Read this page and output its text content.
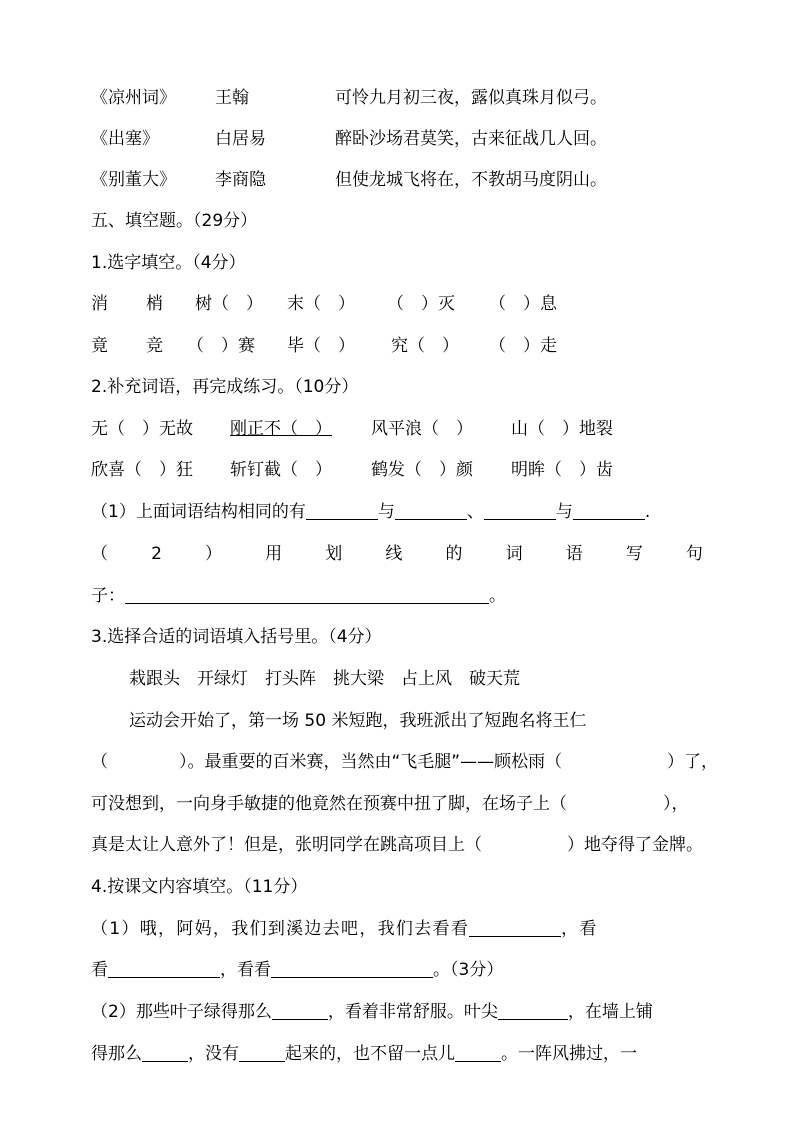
《凉州词》 王翰	可怜九月初三夜，露似真珠月似弓。
《出塞》	白居易	醉卧沙场君莫笑，古来征战几人回。
《别董大》 李商隐	但使龙城飞将在，不教胡马度阴山。
五、填空题。（29分）
1.选字填空。（4分）
消 梢 树（　） 末（　） （　）灭 （　）息
竟 竞 （　）赛 毕（　） 究（　） （　）走
2.补充词语，再完成练习。（10分）
无（　）无故 刚正不（　） 风平浪（　） 山（　）地裂
欣喜（　）狂 斩钉截（　） 鹤发（　）颜 明眸（　）齿
（1）上面词语结构相同的有	与	、	与	.
（	2	）	用	划	线	的	词	语	写	句
子：	。
3.选择合适的词语填入括号里。（4分）
栽跟头　开绿灯　打头阵　挑大梁　占上风　破天荒
运动会开始了，第一场 50 米短跑，我班派出了短跑名将王仁
（	）。最重要的百米赛，当然由“飞毛腿”——顾松雨（	）了，
可没想到，一向身手敏捷的他竟然在预赛中扭了脚，在场子上（	），
真是太让人意外了！但是，张明同学在跳高项目上（	）地夺得了金牌。
4.按课文内容填空。（11分）
（1）哦，阿妈，我们到溪边去吧，我们去看看	，看
看	，看看	。（3分）
（2）那些叶子绿得那么	，看着非常舒服。叶尖	，在墙上铺
得那么	，没有	起来的，也不留一点儿	。一阵风拂过，一
